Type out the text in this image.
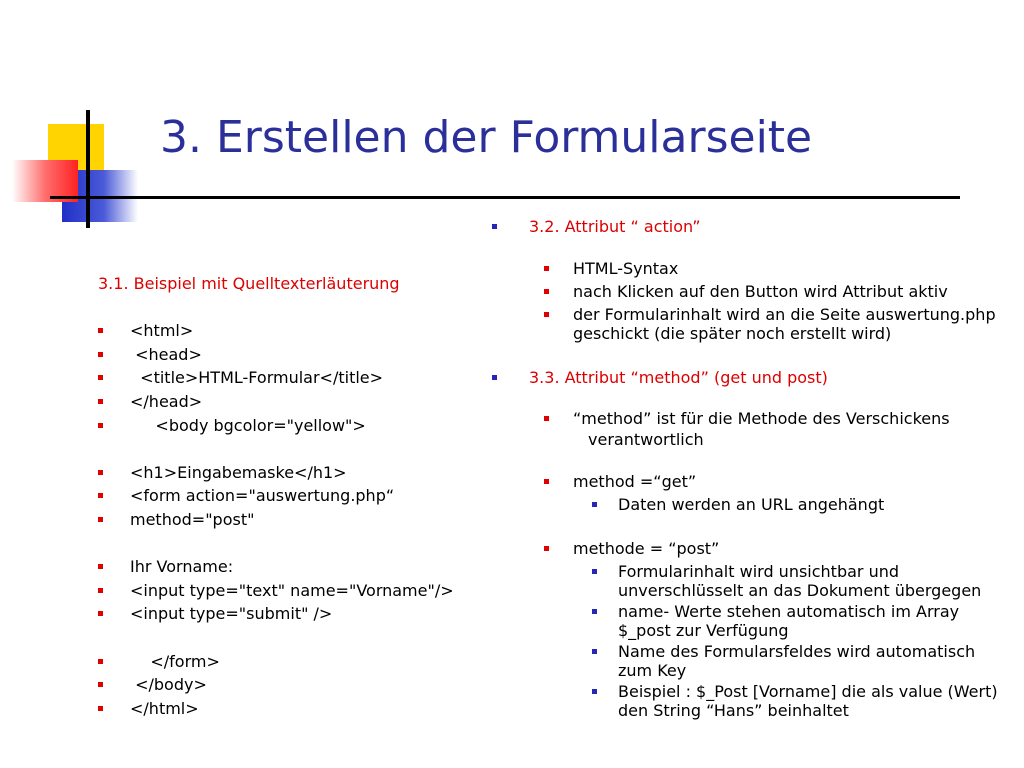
3. Erstellen der Formularseite
3.1. Beispiel mit Quelltexterläuterung
<html>
<head>
<title>HTML-Formular</title>
</head>
<body bgcolor="yellow">
<h1>Eingabemaske</h1>
<form action="auswertung.php“
method="post"
Ihr Vorname:
<input type="text" name="Vorname"/>
<input type="submit" />
</form>
</body>
</html>
3.2. Attribut “ action”
HTML-Syntax
nach Klicken auf den Button wird Attribut aktiv
der Formularinhalt wird an die Seite auswertung.php geschickt (die später noch erstellt wird)
3.3. Attribut “method” (get und post)
“method” ist für die Methode des Verschickens
verantwortlich
method =“get”
Daten werden an URL angehängt
methode = “post”
Formularinhalt wird unsichtbar und unverschlüsselt an das Dokument übergegen
name- Werte stehen automatisch im Array $_post zur Verfügung
Name des Formularsfeldes wird automatisch zum Key
Beispiel : $_Post [Vorname] die als value (Wert) den String “Hans” beinhaltet
